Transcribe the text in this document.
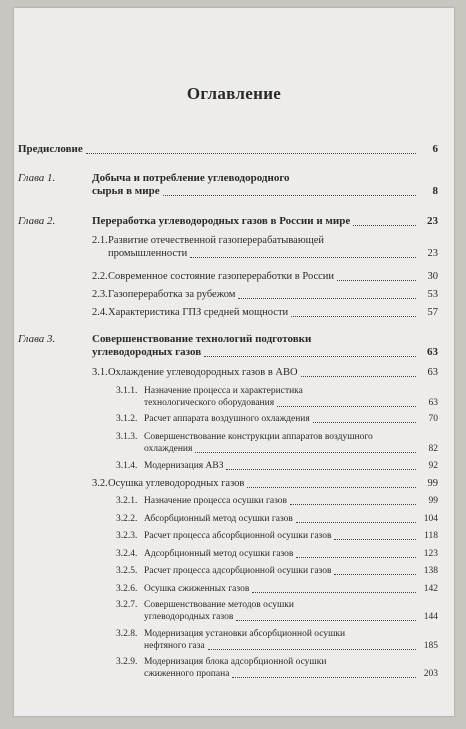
Оглавление
Предисловие	6
Глава 1.	Добыча и потребление углеводородного
сырья в мире	8
Глава 2.	Переработка углеводородных газов в России и мире	23
2.1. Развитие отечественной газоперерабатывающей
промышленности	23
2.2. Современное состояние газопереработки в России	30
2.3. Газопереработка за рубежом	53
2.4. Характеристика ГПЗ средней мощности	57
Глава 3.	Совершенствование технологий подготовки
углеводородных газов	63
3.1. Охлаждение углеводородных газов в АВО	63
3.1.1. Назначение процесса и характеристика
технологического оборудования	63
3.1.2. Расчет аппарата воздушного охлаждения	70
3.1.3. Совершенствование конструкции аппаратов воздушного
охлаждения	82
3.1.4. Модернизация АВЗ	92
3.2. Осушка углеводородных газов	99
3.2.1. Назначение процесса осушки газов	99
3.2.2. Абсорбционный метод осушки газов	104
3.2.3. Расчет процесса абсорбционной осушки газов	118
3.2.4. Адсорбционный метод осушки газов	123
3.2.5. Расчет процесса адсорбционной осушки газов	138
3.2.6. Осушка сжиженных газов	142
3.2.7. Совершенствование методов осушки
углеводородных газов	144
3.2.8. Модернизация установки абсорбционной осушки
нефтяного газа	185
3.2.9. Модернизация блока адсорбционной осушки
сжиженного пропана	203
